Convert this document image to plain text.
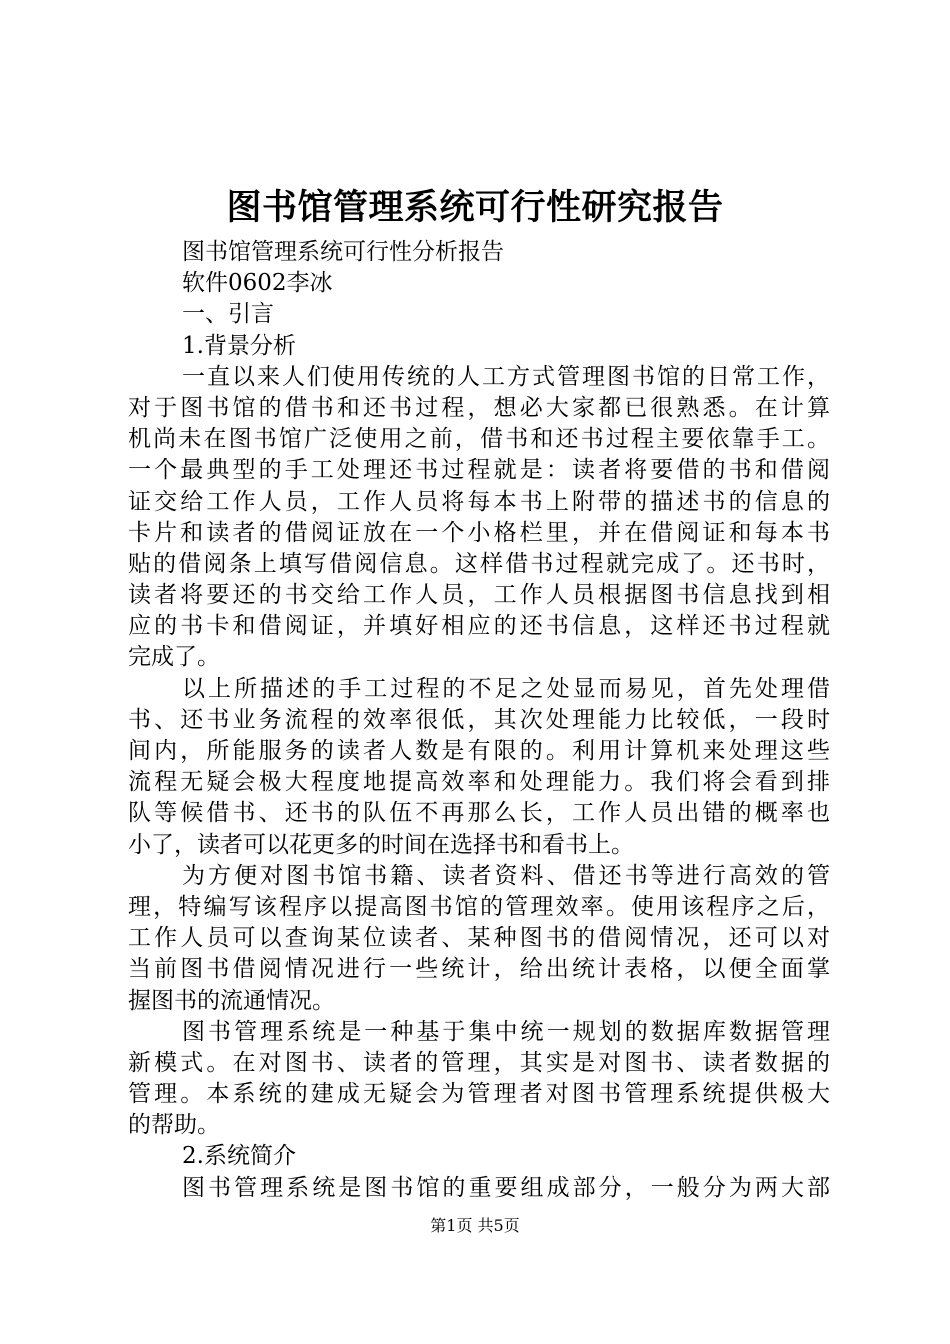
图书馆管理系统可行性研究报告
图书馆管理系统可行性分析报告
软件0602李冰
一、引言
1.背景分析
一直以来人们使用传统的人工方式管理图书馆的日常工作，
对于图书馆的借书和还书过程，想必大家都已很熟悉。在计算
机尚未在图书馆广泛使用之前，借书和还书过程主要依靠手工。
一个最典型的手工处理还书过程就是：读者将要借的书和借阅
证交给工作人员，工作人员将每本书上附带的描述书的信息的
卡片和读者的借阅证放在一个小格栏里，并在借阅证和每本书
贴的借阅条上填写借阅信息。这样借书过程就完成了。还书时，
读者将要还的书交给工作人员，工作人员根据图书信息找到相
应的书卡和借阅证，并填好相应的还书信息，这样还书过程就
完成了。
以上所描述的手工过程的不足之处显而易见，首先处理借
书、还书业务流程的效率很低，其次处理能力比较低，一段时
间内，所能服务的读者人数是有限的。利用计算机来处理这些
流程无疑会极大程度地提高效率和处理能力。我们将会看到排
队等候借书、还书的队伍不再那么长，工作人员出错的概率也
小了，读者可以花更多的时间在选择书和看书上。
为方便对图书馆书籍、读者资料、借还书等进行高效的管
理，特编写该程序以提高图书馆的管理效率。使用该程序之后，
工作人员可以查询某位读者、某种图书的借阅情况，还可以对
当前图书借阅情况进行一些统计，给出统计表格，以便全面掌
握图书的流通情况。
图书管理系统是一种基于集中统一规划的数据库数据管理
新模式。在对图书、读者的管理，其实是对图书、读者数据的
管理。本系统的建成无疑会为管理者对图书管理系统提供极大
的帮助。
2.系统简介
图书管理系统是图书馆的重要组成部分，一般分为两大部
第1页 共5页
